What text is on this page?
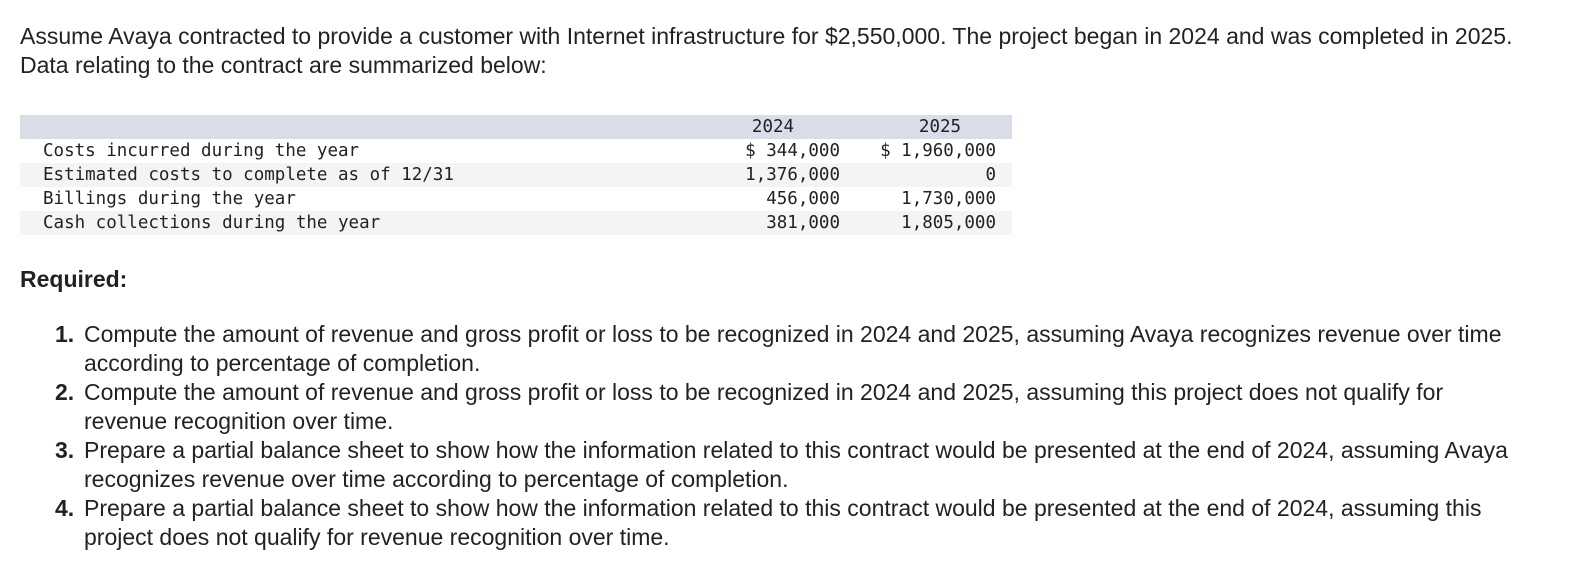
Assume Avaya contracted to provide a customer with Internet infrastructure for $2,550,000. The project began in 2024 and was completed in 2025. Data relating to the contract are summarized below:
	2024	2025
Costs incurred during the year	$ 344,000	$ 1,960,000
Estimated costs to complete as of 12/31	1,376,000	0
Billings during the year	456,000	1,730,000
Cash collections during the year	381,000	1,805,000
Required:
1. Compute the amount of revenue and gross profit or loss to be recognized in 2024 and 2025, assuming Avaya recognizes revenue over time according to percentage of completion.
2. Compute the amount of revenue and gross profit or loss to be recognized in 2024 and 2025, assuming this project does not qualify for revenue recognition over time.
3. Prepare a partial balance sheet to show how the information related to this contract would be presented at the end of 2024, assuming Avaya recognizes revenue over time according to percentage of completion.
4. Prepare a partial balance sheet to show how the information related to this contract would be presented at the end of 2024, assuming this project does not qualify for revenue recognition over time.
